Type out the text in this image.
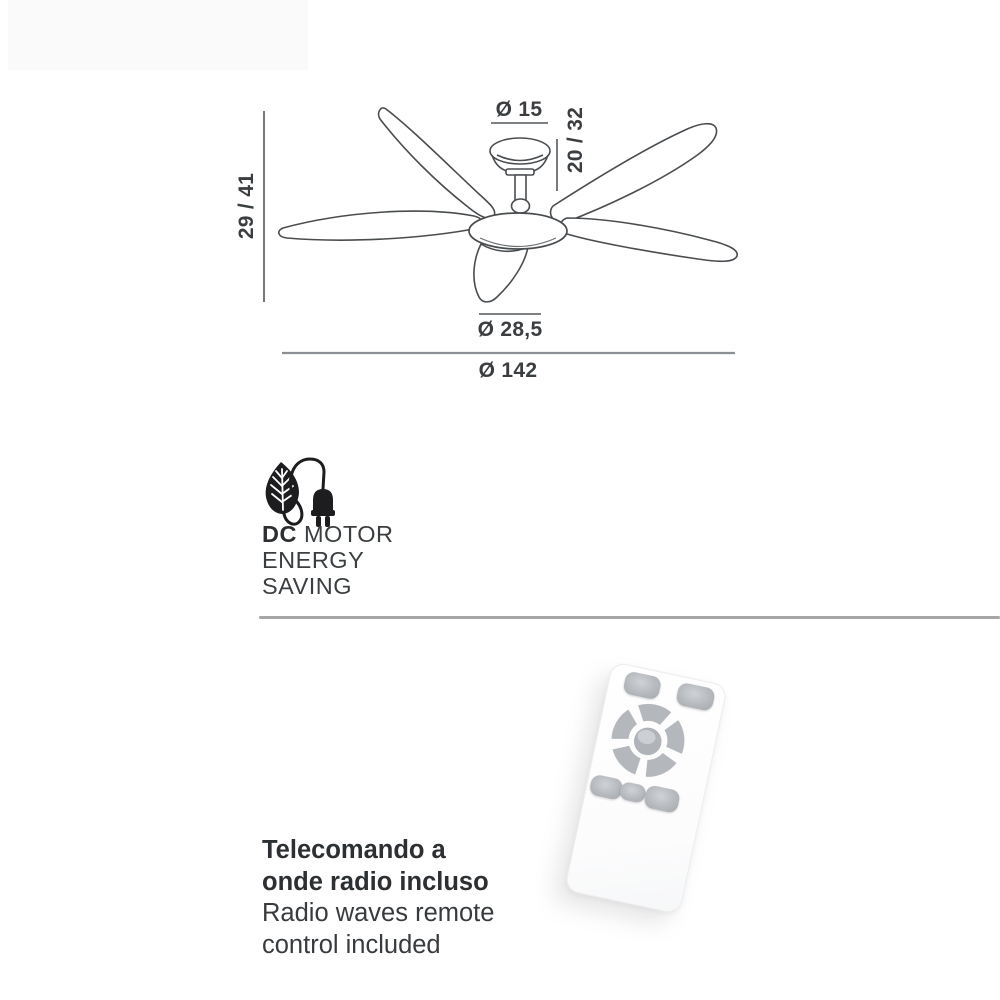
29 / 41
Ø 15	20 / 32
Ø 28,5
Ø 142
DC MOTOR
ENERGY
SAVING
Telecomando a
onde radio incluso
Radio waves remote
control included
